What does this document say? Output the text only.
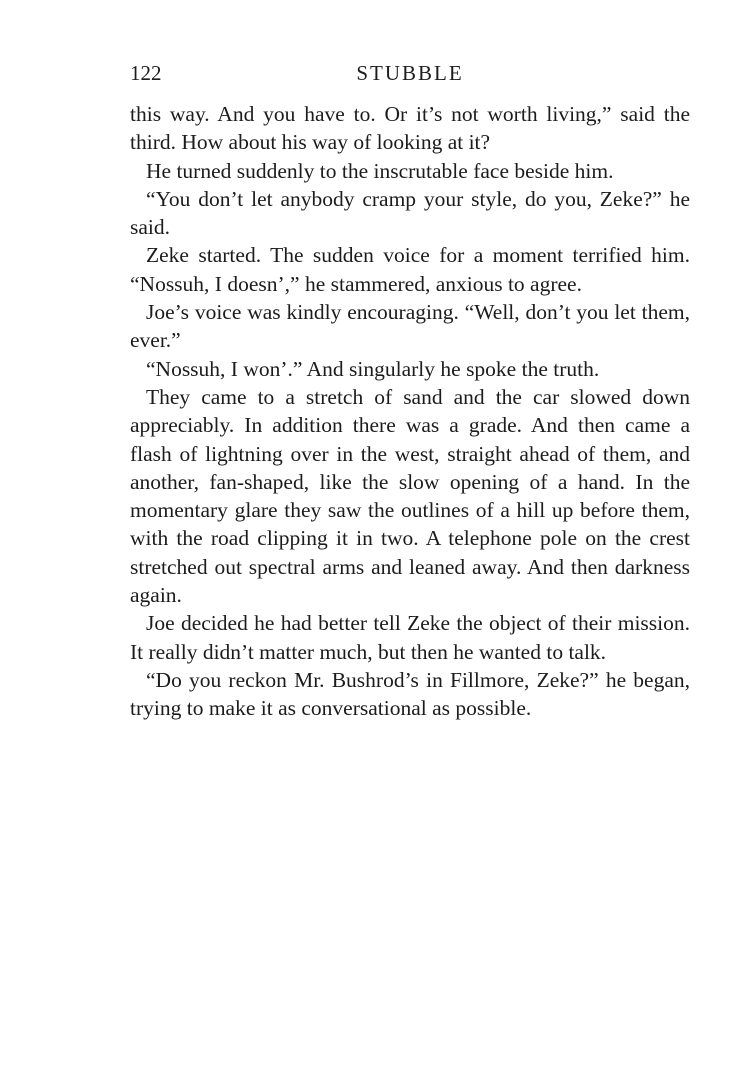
122	STUBBLE

this way. And you have to. Or it’s not worth living,” said the third. How about his way of looking at it?

He turned suddenly to the inscrutable face beside him.

“You don’t let anybody cramp your style, do you, Zeke?” he said.

Zeke started. The sudden voice for a moment terrified him. “Nossuh, I doesn’,” he stammered, anxious to agree.

Joe’s voice was kindly encouraging. “Well, don’t you let them, ever.”

“Nossuh, I won’.” And singularly he spoke the truth.

They came to a stretch of sand and the car slowed down appreciably. In addition there was a grade. And then came a flash of lightning over in the west, straight ahead of them, and another, fan-shaped, like the slow opening of a hand. In the momentary glare they saw the outlines of a hill up before them, with the road clipping it in two. A telephone pole on the crest stretched out spectral arms and leaned away. And then darkness again.

Joe decided he had better tell Zeke the object of their mission. It really didn’t matter much, but then he wanted to talk.

“Do you reckon Mr. Bushrod’s in Fillmore, Zeke?” he began, trying to make it as conversational as possible.
